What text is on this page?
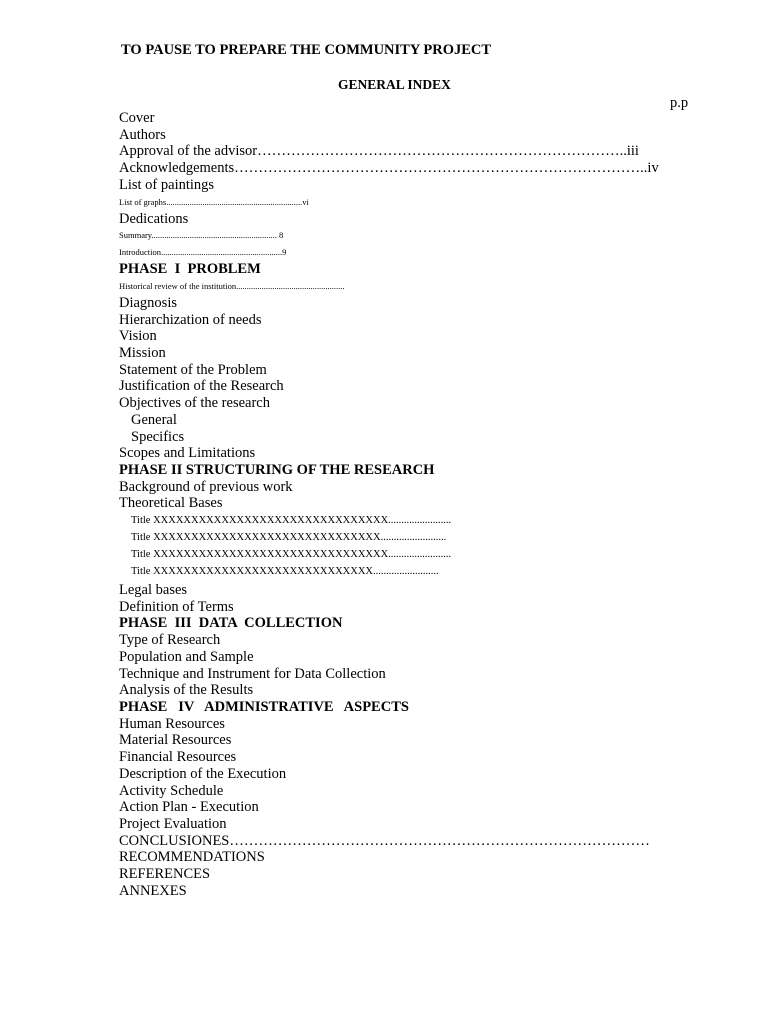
TO PAUSE TO PREPARE THE COMMUNITY PROJECT
GENERAL INDEX
p.p
Cover
Authors
Approval of the advisor…………………………………………………………………..iii
Acknowledgements…………………………………………………………………………..iv
List of paintings
List of graphs................................................................vi
Dedications
Summary........................................................... 8
Introduction.........................................................9
PHASE  I  PROBLEM
Historical review of the institution...................................................
Diagnosis
Hierarchization of needs
Vision
Mission
Statement of the Problem
Justification of the Research
Objectives of the research
General
Specifics
Scopes and Limitations
PHASE II STRUCTURING OF THE RESEARCH
Background of previous work
Theoretical Bases
Title XXXXXXXXXXXXXXXXXXXXXXXXXXXXXXX........................
Title XXXXXXXXXXXXXXXXXXXXXXXXXXXXXX.........................
Title XXXXXXXXXXXXXXXXXXXXXXXXXXXXXXX........................
Title XXXXXXXXXXXXXXXXXXXXXXXXXXXXX.........................
Legal bases
Definition of Terms
PHASE  III  DATA  COLLECTION
Type of Research
Population and Sample
Technique and Instrument for Data Collection
Analysis of the Results
PHASE   IV   ADMINISTRATIVE   ASPECTS
Human Resources
Material Resources
Financial Resources
Description of the Execution
Activity Schedule
Action Plan - Execution
Project Evaluation
CONCLUSIONES……………………………………………………………………………
RECOMMENDATIONS
REFERENCES
ANNEXES
